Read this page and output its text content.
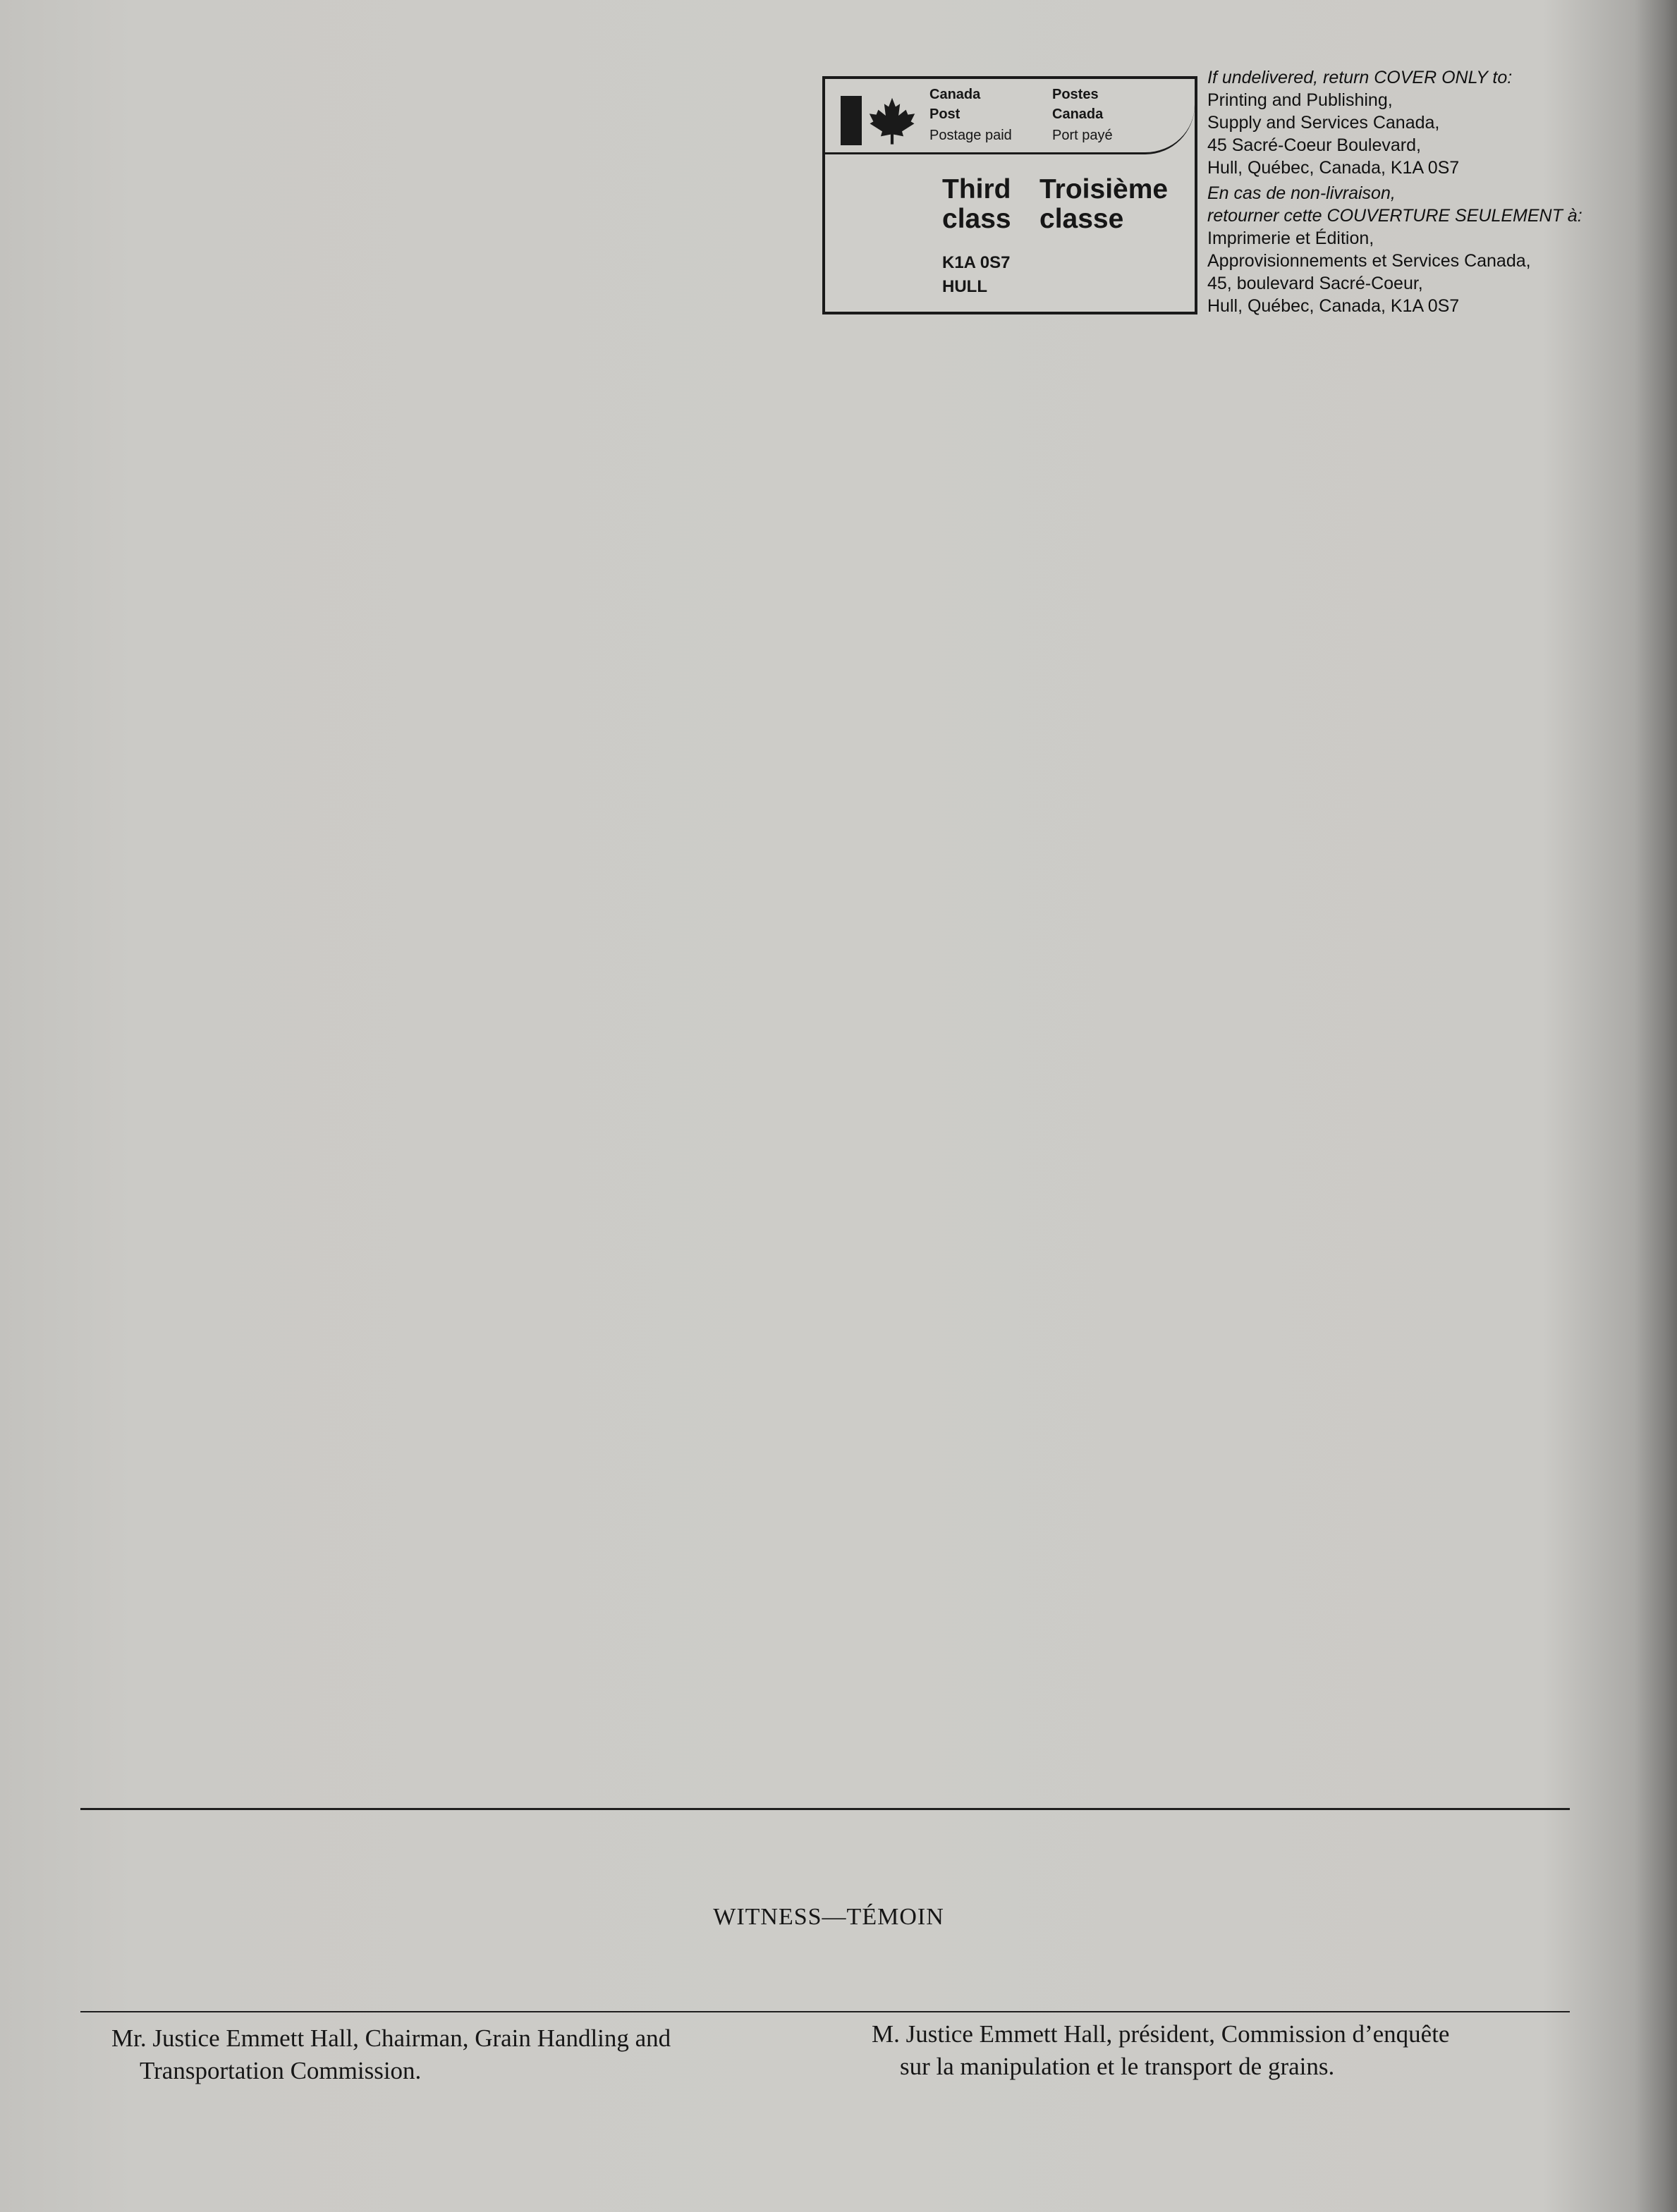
Canada
Post
Postage paid
Postes
Canada
Port payé
Third
class
Troisième
classe
K1A 0S7
HULL
If undelivered, return COVER ONLY to:
Printing and Publishing,
Supply and Services Canada,
45 Sacré-Coeur Boulevard,
Hull, Québec, Canada, K1A 0S7
En cas de non-livraison,
retourner cette COUVERTURE SEULEMENT à:
Imprimerie et Édition,
Approvisionnements et Services Canada,
45, boulevard Sacré-Coeur,
Hull, Québec, Canada, K1A 0S7
WITNESS—TÉMOIN
Mr. Justice Emmett Hall, Chairman, Grain Handling and
Transportation Commission.
M. Justice Emmett Hall, président, Commission d’enquête
sur la manipulation et le transport de grains.
